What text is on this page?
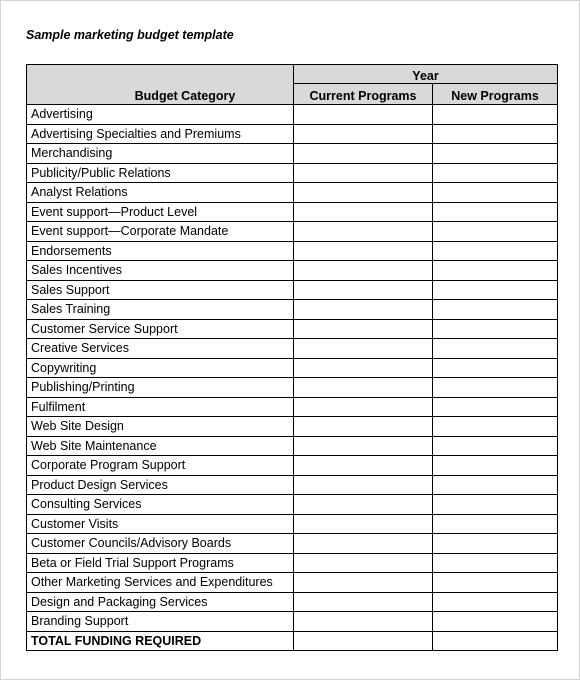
Sample marketing budget template
Budget Category	Year	
	Current Programs	New Programs
Advertising		
Advertising Specialties and Premiums		
Merchandising		
Publicity/Public Relations		
Analyst Relations		
Event support—Product Level		
Event support—Corporate Mandate		
Endorsements		
Sales Incentives		
Sales Support		
Sales Training		
Customer Service Support		
Creative Services		
Copywriting		
Publishing/Printing		
Fulfilment		
Web Site Design		
Web Site Maintenance		
Corporate Program Support		
Product Design Services		
Consulting Services		
Customer Visits		
Customer Councils/Advisory Boards		
Beta or Field Trial Support Programs		
Other Marketing Services and Expenditures		
Design and Packaging Services		
Branding Support		
TOTAL FUNDING REQUIRED		
